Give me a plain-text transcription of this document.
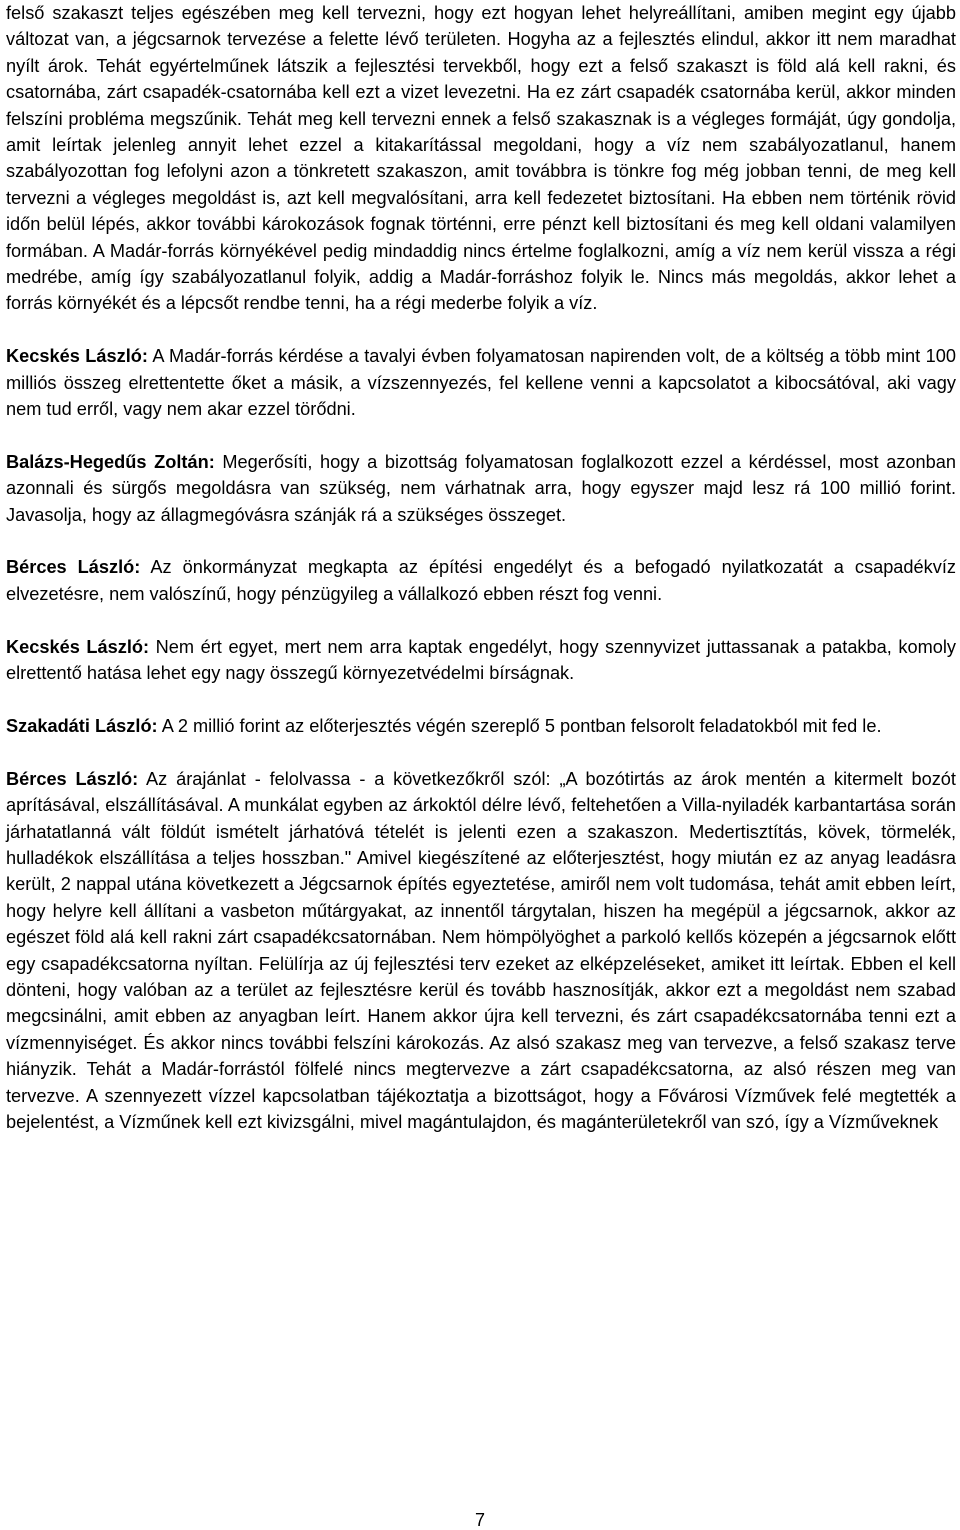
felső szakaszt teljes egészében meg kell tervezni, hogy ezt hogyan lehet helyreállítani, amiben megint egy újabb változat van, a jégcsarnok tervezése a felette lévő területen. Hogyha az a fejlesztés elindul, akkor itt nem maradhat nyílt árok. Tehát egyértelműnek látszik a fejlesztési tervekből, hogy ezt a felső szakaszt is föld alá kell rakni, és csatornába, zárt csapadék-csatornába kell ezt a vizet levezetni. Ha ez zárt csapadék csatornába kerül, akkor minden felszíni probléma megszűnik. Tehát meg kell tervezni ennek a felső szakasznak is a végleges formáját, úgy gondolja, amit leírtak jelenleg annyit lehet ezzel a kitakarítással megoldani, hogy a víz nem szabályozatlanul, hanem szabályozottan fog lefolyni azon a tönkretett szakaszon, amit továbbra is tönkre fog még jobban tenni, de meg kell tervezni a végleges megoldást is, azt kell megvalósítani, arra kell fedezetet biztosítani. Ha ebben nem történik rövid időn belül lépés, akkor további károkozások fognak történni, erre pénzt kell biztosítani és meg kell oldani valamilyen formában. A Madár-forrás környékével pedig mindaddig nincs értelme foglalkozni, amíg a víz nem kerül vissza a régi medrébe, amíg így szabályozatlanul folyik, addig a Madár-forráshoz folyik le. Nincs más megoldás, akkor lehet a forrás környékét és a lépcsőt rendbe tenni, ha a régi mederbe folyik a víz.

Kecskés László: A Madár-forrás kérdése a tavalyi évben folyamatosan napirenden volt, de a költség a több mint 100 milliós összeg elrettentette őket a másik, a vízszennyezés, fel kellene venni a kapcsolatot a kibocsátóval, aki vagy nem tud erről, vagy nem akar ezzel törődni.

Balázs-Hegedűs Zoltán: Megerősíti, hogy a bizottság folyamatosan foglalkozott ezzel a kérdéssel, most azonban azonnali és sürgős megoldásra van szükség, nem várhatnak arra, hogy egyszer majd lesz rá 100 millió forint. Javasolja, hogy az állagmegóvásra szánják rá a szükséges összeget.

Bérces László: Az önkormányzat megkapta az építési engedélyt és a befogadó nyilatkozatát a csapadékvíz elvezetésre, nem valószínű, hogy pénzügyileg a vállalkozó ebben részt fog venni.

Kecskés László: Nem ért egyet, mert nem arra kaptak engedélyt, hogy szennyvizet juttassanak a patakba, komoly elrettentő hatása lehet egy nagy összegű környezetvédelmi bírságnak.

Szakadáti László: A 2 millió forint az előterjesztés végén szereplő 5 pontban felsorolt feladatokból mit fed le.

Bérces László: Az árajánlat - felolvassa - a következőkről szól: „A bozótirtás az árok mentén a kitermelt bozót aprításával, elszállításával. A munkálat egyben az árkoktól délre lévő, feltehetően a Villa-nyiladék karbantartása során járhatatlanná vált földút ismételt járhatóvá tételét is jelenti ezen a szakaszon. Medertisztítás, kövek, törmelék, hulladékok elszállítása a teljes hosszban." Amivel kiegészítené az előterjesztést, hogy miután ez az anyag leadásra került, 2 nappal utána következett a Jégcsarnok építés egyeztetése, amiről nem volt tudomása, tehát amit ebben leírt, hogy helyre kell állítani a vasbeton műtárgyakat, az innentől tárgytalan, hiszen ha megépül a jégcsarnok, akkor az egészet föld alá kell rakni zárt csapadékcsatornában. Nem hömpölyöghet a parkoló kellős közepén a jégcsarnok előtt egy csapadékcsatorna nyíltan. Felülírja az új fejlesztési terv ezeket az elképzeléseket, amiket itt leírtak. Ebben el kell dönteni, hogy valóban az a terület az fejlesztésre kerül és tovább hasznosítják, akkor ezt a megoldást nem szabad megcsinálni, amit ebben az anyagban leírt. Hanem akkor újra kell tervezni, és zárt csapadékcsatornába tenni ezt a vízmennyiséget. És akkor nincs további felszíni károkozás. Az alsó szakasz meg van tervezve, a felső szakasz terve hiányzik. Tehát a Madár-forrástól fölfelé nincs megtervezve a zárt csapadékcsatorna, az alsó részen meg van tervezve. A szennyezett vízzel kapcsolatban tájékoztatja a bizottságot, hogy a Fővárosi Vízművek felé megtették a bejelentést, a Vízműnek kell ezt kivizsgálni, mivel magántulajdon, és magánterületekről van szó, így a Vízműveknek

7
